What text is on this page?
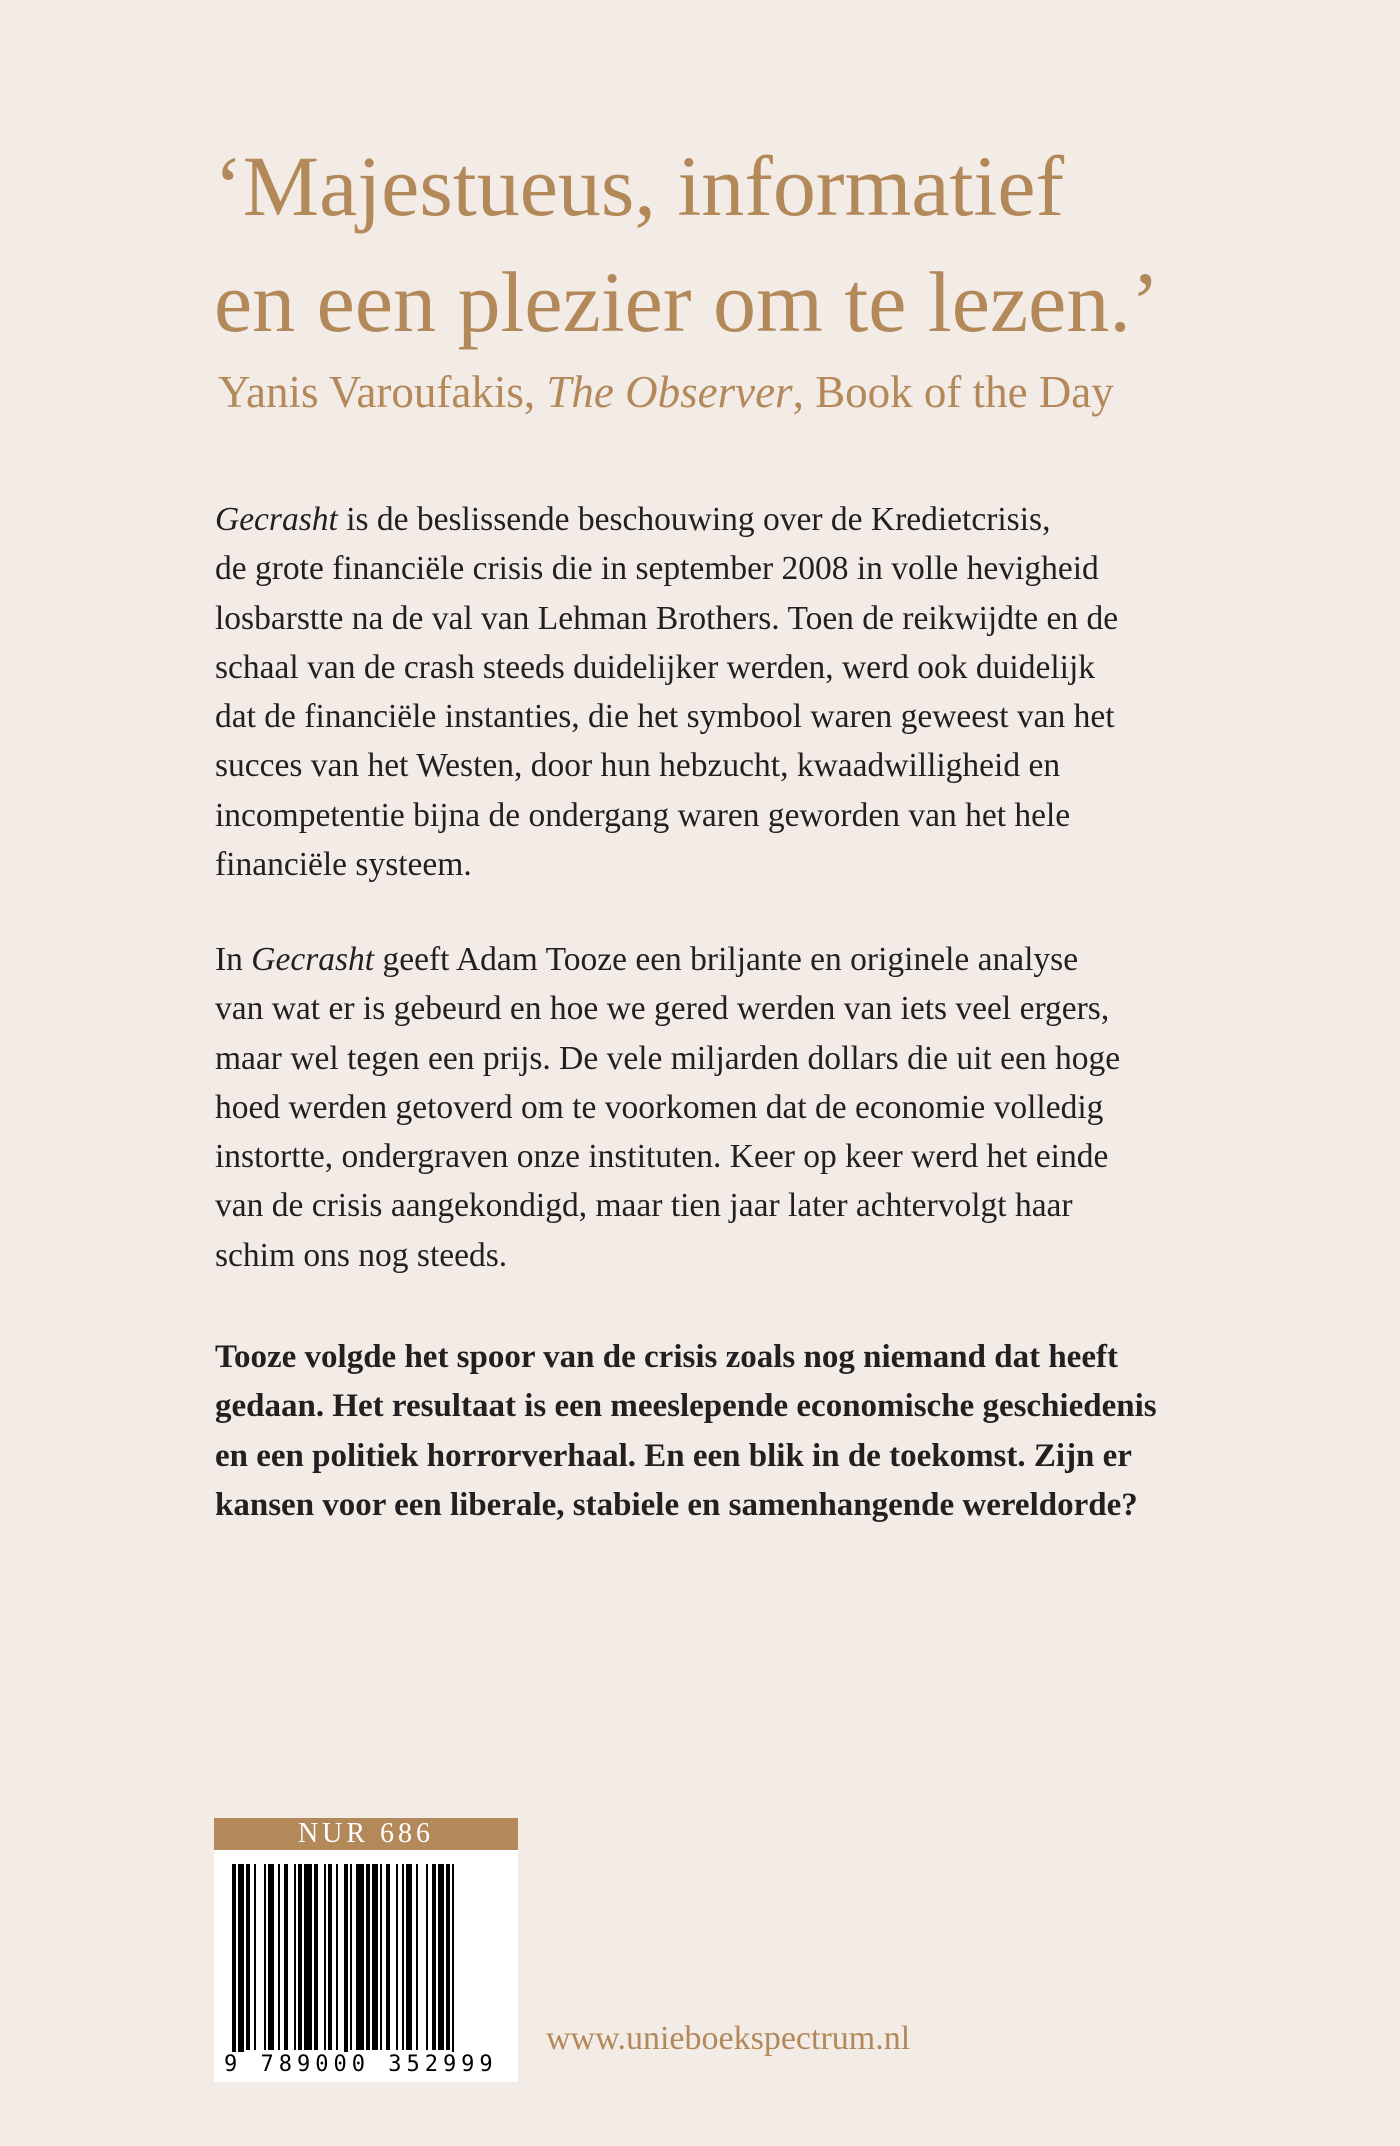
‘Majestueus, informatief
en een plezier om te lezen.’
Yanis Varoufakis, The Observer, Book of the Day
Gecrasht is de beslissende beschouwing over de Kredietcrisis,
de grote financiële crisis die in september 2008 in volle hevigheid
losbarstte na de val van Lehman Brothers. Toen de reikwijdte en de
schaal van de crash steeds duidelijker werden, werd ook duidelijk
dat de financiële instanties, die het symbool waren geweest van het
succes van het Westen, door hun hebzucht, kwaadwilligheid en
incompetentie bijna de ondergang waren geworden van het hele
financiële systeem.
In Gecrasht geeft Adam Tooze een briljante en originele analyse
van wat er is gebeurd en hoe we gered werden van iets veel ergers,
maar wel tegen een prijs. De vele miljarden dollars die uit een hoge
hoed werden getoverd om te voorkomen dat de economie volledig
instortte, ondergraven onze instituten. Keer op keer werd het einde
van de crisis aangekondigd, maar tien jaar later achtervolgt haar
schim ons nog steeds.
Tooze volgde het spoor van de crisis zoals nog niemand dat heeft
gedaan. Het resultaat is een meeslepende economische geschiedenis
en een politiek horrorverhaal. En een blik in de toekomst. Zijn er
kansen voor een liberale, stabiele en samenhangende wereldorde?
NUR 686
9 789000 352999
www.unieboekspectrum.nl
